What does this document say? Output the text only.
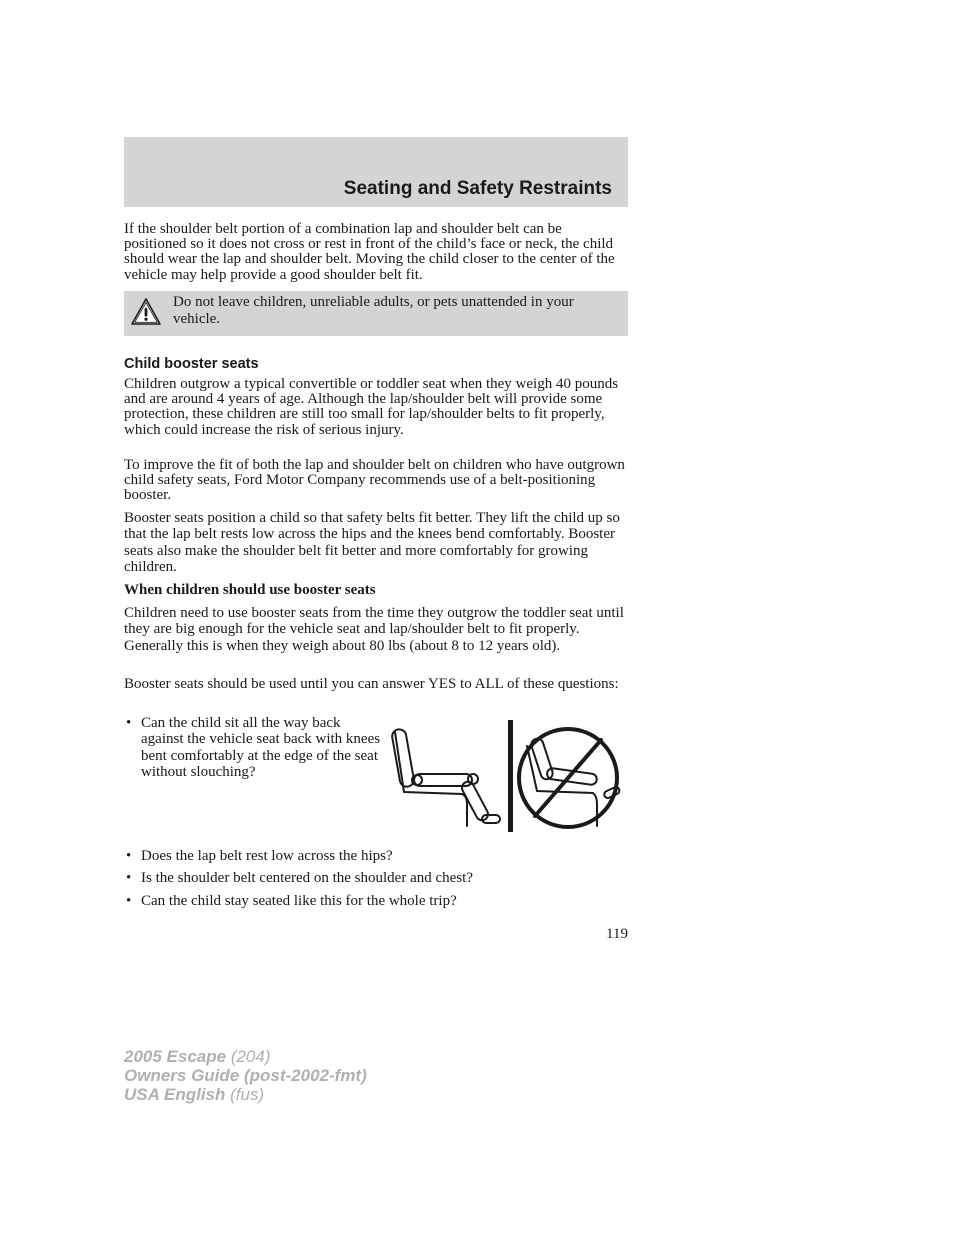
Seating and Safety Restraints

If the shoulder belt portion of a combination lap and shoulder belt can be positioned so it does not cross or rest in front of the child’s face or neck, the child should wear the lap and shoulder belt. Moving the child closer to the center of the vehicle may help provide a good shoulder belt fit.

Do not leave children, unreliable adults, or pets unattended in your vehicle.
Child booster seats

Children outgrow a typical convertible or toddler seat when they weigh 40 pounds and are around 4 years of age. Although the lap/shoulder belt will provide some protection, these children are still too small for lap/shoulder belts to fit properly, which could increase the risk of serious injury.

To improve the fit of both the lap and shoulder belt on children who have outgrown child safety seats, Ford Motor Company recommends use of a belt-positioning booster.

Booster seats position a child so that safety belts fit better. They lift the child up so that the lap belt rests low across the hips and the knees bend comfortably. Booster seats also make the shoulder belt fit better and more comfortably for growing children.

When children should use booster seats

Children need to use booster seats from the time they outgrow the toddler seat until they are big enough for the vehicle seat and lap/shoulder belt to fit properly. Generally this is when they weigh about 80 lbs (about 8 to 12 years old).

Booster seats should be used until you can answer YES to ALL of these questions:

• Can the child sit all the way back against the vehicle seat back with knees bent comfortably at the edge of the seat without slouching?
• Does the lap belt rest low across the hips?
• Is the shoulder belt centered on the shoulder and chest?
• Can the child stay seated like this for the whole trip?
119
2005 Escape (204)
Owners Guide (post-2002-fmt)
USA English (fus)
